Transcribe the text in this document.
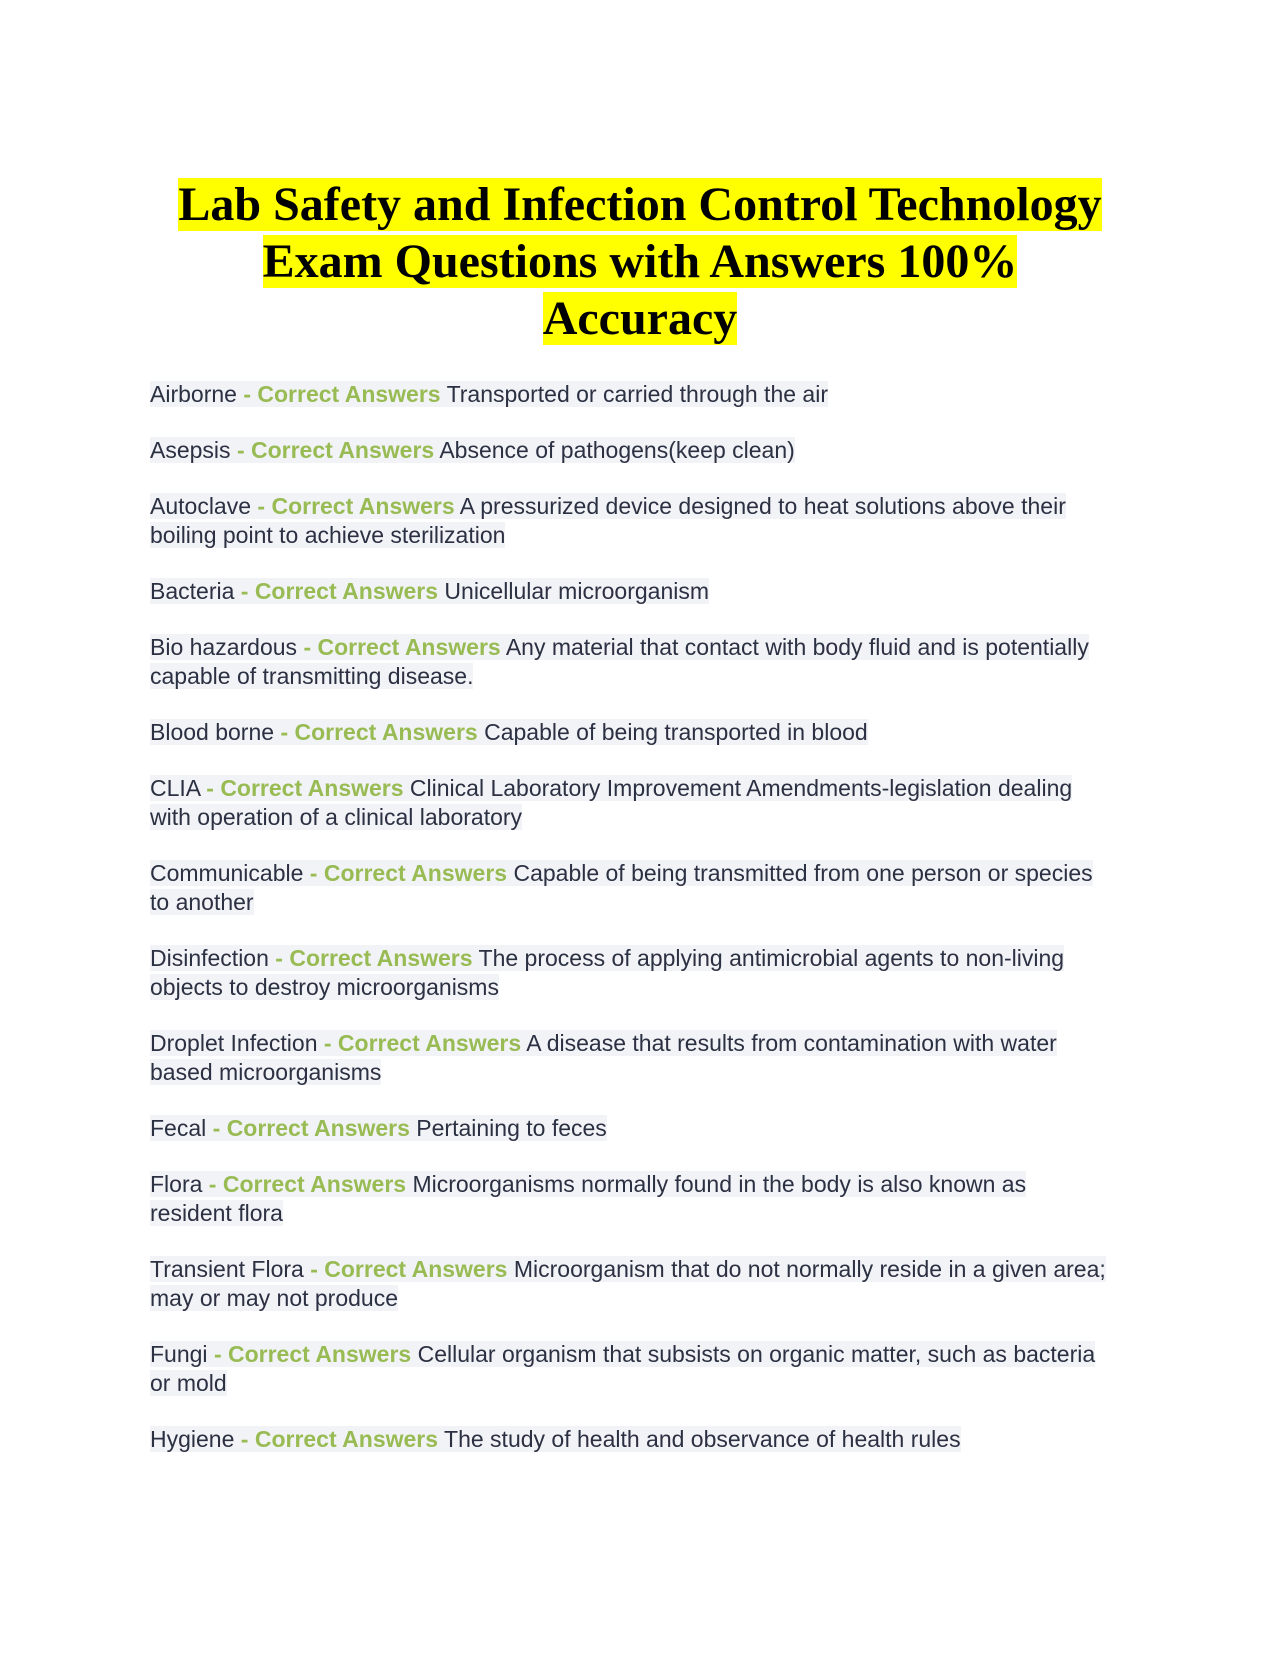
Lab Safety and Infection Control Technology
Exam Questions with Answers 100%
Accuracy

Airborne - Correct Answers Transported or carried through the air

Asepsis - Correct Answers Absence of pathogens(keep clean)

Autoclave - Correct Answers A pressurized device designed to heat solutions above their boiling point to achieve sterilization

Bacteria - Correct Answers Unicellular microorganism

Bio hazardous - Correct Answers Any material that contact with body fluid and is potentially capable of transmitting disease.

Blood borne - Correct Answers Capable of being transported in blood

CLIA - Correct Answers Clinical Laboratory Improvement Amendments-legislation dealing with operation of a clinical laboratory

Communicable - Correct Answers Capable of being transmitted from one person or species to another

Disinfection - Correct Answers The process of applying antimicrobial agents to non-living objects to destroy microorganisms

Droplet Infection - Correct Answers A disease that results from contamination with water based microorganisms

Fecal - Correct Answers Pertaining to feces

Flora - Correct Answers Microorganisms normally found in the body is also known as resident flora

Transient Flora - Correct Answers Microorganism that do not normally reside in a given area; may or may not produce

Fungi - Correct Answers Cellular organism that subsists on organic matter, such as bacteria or mold

Hygiene - Correct Answers The study of health and observance of health rules
